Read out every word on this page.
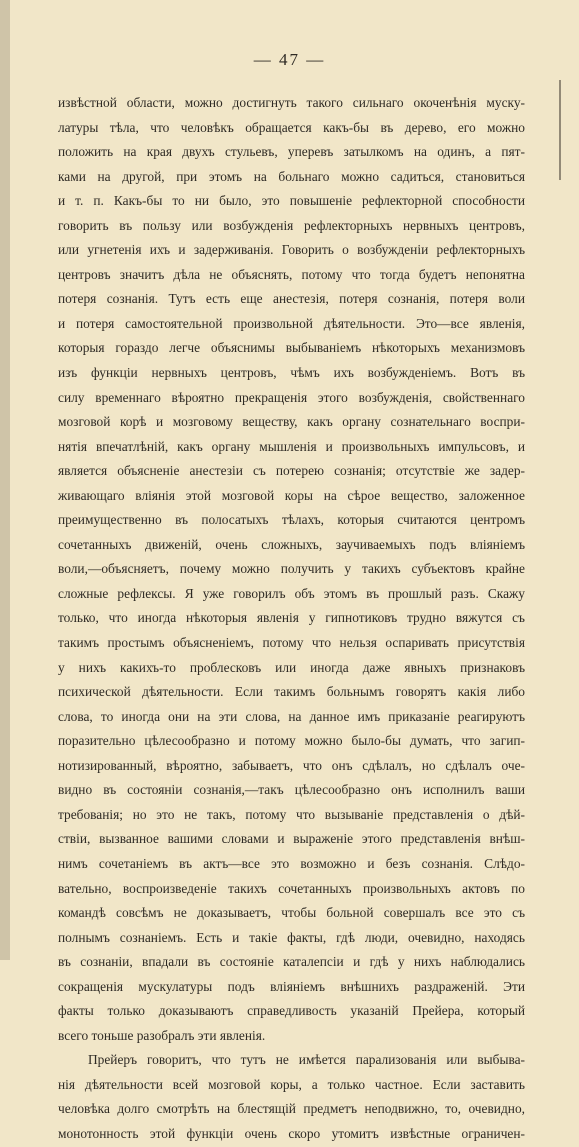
— 47 —
извѣстной области, можно достигнуть такого сильнаго окоченѣнія муску-
латуры тѣла, что человѣкъ обращается какъ-бы въ дерево, его можно
положить на края двухъ стульевъ, уперевъ затылкомъ на одинъ, а пят-
ками на другой, при этомъ на больнаго можно садиться, становиться
и т. п. Какъ-бы то ни было, это повышеніе рефлекторной способности
говорить въ пользу или возбужденія рефлекторныхъ нервныхъ центровъ,
или угнетенія ихъ и задерживанія. Говорить о возбужденіи рефлекторныхъ
центровъ значитъ дѣла не объяснять, потому что тогда будетъ непонятна
потеря сознанія. Тутъ есть еще анестезія, потеря сознанія, потеря воли
и потеря самостоятельной произвольной дѣятельности. Это—все явленія,
которыя гораздо легче объяснимы выбываніемъ нѣкоторыхъ механизмовъ
изъ функціи нервныхъ центровъ, чѣмъ ихъ возбужденіемъ. Вотъ въ
силу временнаго вѣроятно прекращенія этого возбужденія, свойственнаго
мозговой корѣ и мозговому веществу, какъ органу сознательнаго воспри-
нятія впечатлѣній, какъ органу мышленія и произвольныхъ импульсовъ, и
является объясненіе анестезіи съ потерею сознанія; отсутствіе же задер-
живающаго вліянія этой мозговой коры на сѣрое вещество, заложенное
преимущественно въ полосатыхъ тѣлахъ, которыя считаются центромъ
сочетанныхъ движеній, очень сложныхъ, заучиваемыхъ подъ вліяніемъ
воли,—объясняетъ, почему можно получить у такихъ субъектовъ крайне
сложные рефлексы. Я уже говорилъ объ этомъ въ прошлый разъ. Скажу
только, что иногда нѣкоторыя явленія у гипнотиковъ трудно вяжутся съ
такимъ простымъ объясненіемъ, потому что нельзя оспаривать присутствія
у нихъ какихъ-то проблесковъ или иногда даже явныхъ признаковъ
психической дѣятельности. Если такимъ больнымъ говорятъ какія либо
слова, то иногда они на эти слова, на данное имъ приказаніе реагируютъ
поразительно цѣлесообразно и потому можно было-бы думать, что загип-
нотизированный, вѣроятно, забываетъ, что онъ сдѣлалъ, но сдѣлалъ оче-
видно въ состояніи сознанія,—такъ цѣлесообразно онъ исполнилъ ваши
требованія; но это не такъ, потому что вызываніе представленія о дѣй-
ствіи, вызванное вашими словами и выраженіе этого представленія внѣш-
нимъ сочетаніемъ въ актъ—все это возможно и безъ сознанія. Слѣдо-
вательно, воспроизведеніе такихъ сочетанныхъ произвольныхъ актовъ по
командѣ совсѣмъ не доказываетъ, чтобы больной совершалъ все это съ
полнымъ сознаніемъ. Есть и такіе факты, гдѣ люди, очевидно, находясь
въ сознаніи, впадали въ состояніе каталепсіи и гдѣ у нихъ наблюдались
сокращенія мускулатуры подъ вліяніемъ внѣшнихъ раздраженій. Эти
факты только доказываютъ справедливость указаній Прейера, который
всего тоньше разобралъ эти явленія.
Прейеръ говоритъ, что тутъ не имѣется парализованія или выбыва-
нія дѣятельности всей мозговой коры, а только частное. Если заставить
человѣка долго смотрѣть на блестящій предметъ неподвижно, то, очевидно,
монотонность этой функціи очень скоро утомитъ извѣстные ограничен-
